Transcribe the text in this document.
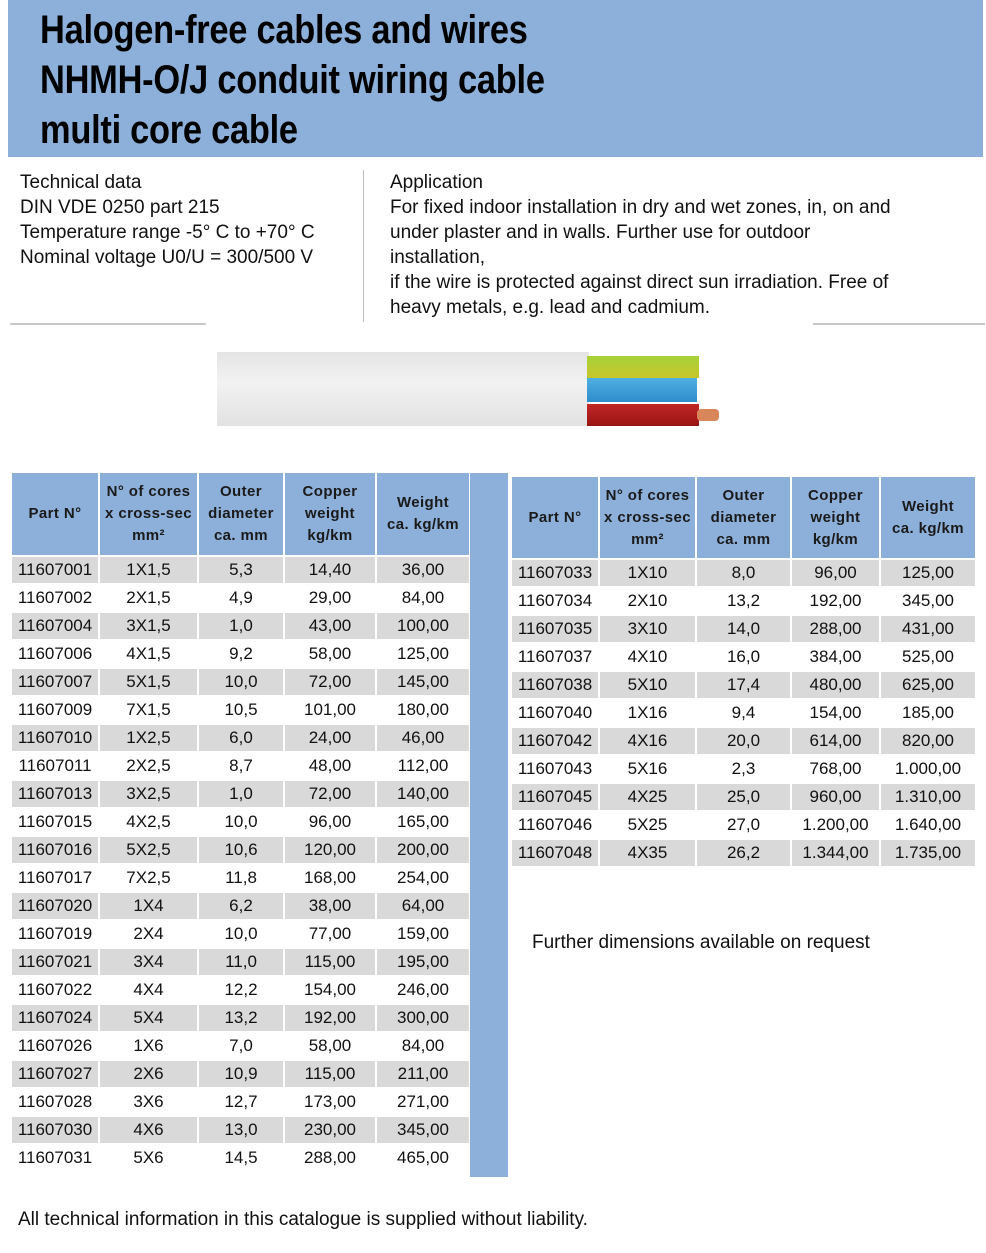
Halogen-free cables and wires
NHMH-O/J conduit wiring cable
multi core cable
Technical data
DIN VDE 0250 part 215
Temperature range -5° C to +70° C
Nominal voltage U0/U = 300/500 V
Application
For fixed indoor installation in dry and wet zones, in, on and
under plaster and in walls. Further use for outdoor
installation,
if the wire is protected against direct sun irradiation. Free of
heavy metals, e.g. lead and cadmium.
Part N°	N° of cores
x cross-sec
mm²	Outer
diameter
ca. mm	Copper
weight
kg/km	Weight
ca. kg/km
11607001	1X1,5	5,3	14,40	36,00
11607002	2X1,5	4,9	29,00	84,00
11607004	3X1,5	1,0	43,00	100,00
11607006	4X1,5	9,2	58,00	125,00
11607007	5X1,5	10,0	72,00	145,00
11607009	7X1,5	10,5	101,00	180,00
11607010	1X2,5	6,0	24,00	46,00
11607011	2X2,5	8,7	48,00	112,00
11607013	3X2,5	1,0	72,00	140,00
11607015	4X2,5	10,0	96,00	165,00
11607016	5X2,5	10,6	120,00	200,00
11607017	7X2,5	11,8	168,00	254,00
11607020	1X4	6,2	38,00	64,00
11607019	2X4	10,0	77,00	159,00
11607021	3X4	11,0	115,00	195,00
11607022	4X4	12,2	154,00	246,00
11607024	5X4	13,2	192,00	300,00
11607026	1X6	7,0	58,00	84,00
11607027	2X6	10,9	115,00	211,00
11607028	3X6	12,7	173,00	271,00
11607030	4X6	13,0	230,00	345,00
11607031	5X6	14,5	288,00	465,00
Part N°	N° of cores
x cross-sec
mm²	Outer
diameter
ca. mm	Copper
weight
kg/km	Weight
ca. kg/km
11607033	1X10	8,0	96,00	125,00
11607034	2X10	13,2	192,00	345,00
11607035	3X10	14,0	288,00	431,00
11607037	4X10	16,0	384,00	525,00
11607038	5X10	17,4	480,00	625,00
11607040	1X16	9,4	154,00	185,00
11607042	4X16	20,0	614,00	820,00
11607043	5X16	2,3	768,00	1.000,00
11607045	4X25	25,0	960,00	1.310,00
11607046	5X25	27,0	1.200,00	1.640,00
11607048	4X35	26,2	1.344,00	1.735,00
Further dimensions available on request
All technical information in this catalogue is supplied without liability.
